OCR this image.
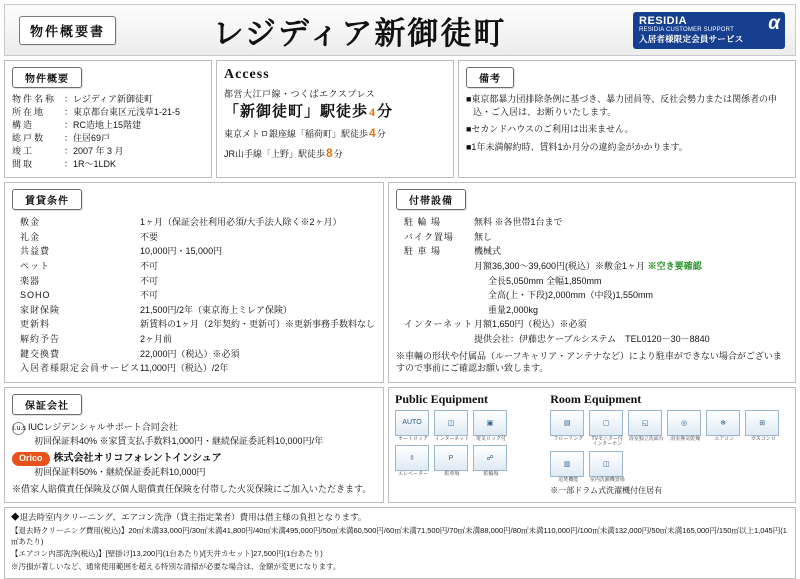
物件概要書	レジディア新御徒町	α
RESIDIA
RESIDIA CUSTOMER SUPPORT
入居者様限定会員サービス
物件概要
物件名称 ：レジディア新御徒町
所在地	：東京都台東区元浅草1-21-5
構造	：RC造地上15階建
総戸数	：住居69戸
竣工	：2007 年 3 月
間取	：1R～1LDK
Access
都営大江戸線・つくばエクスプレス
「新御徒町」駅徒歩4分
東京メトロ銀座線「稲荷町」駅徒歩4分
JR山手線「上野」駅徒歩8分
備考
■東京都暴力団排除条例に基づき、暴力団員等、反社会勢力または関係者の申込・ご入居は、お断りいたします。
■セカンドハウスのご利用は出来ません。
■1年未満解約時、賃料1か月分の違約金がかかります。
賃貸条件
敷金	1ヶ月（保証会社利用必須/大手法人除く※2ヶ月）
礼金	不要
共益費	10,000円・15,000円
ペット	不可
楽器	不可
SOHO	不可
家財保険	21,500円/2年（東京海上ミレア保険）
更新料	新賃料の1ヶ月（2年契約・更新可）※更新事務手数料なし
解約予告	2ヶ月前
鍵交換費	22,000円（税込）※必須
入居者様限定会員サービス	11,000円（税込）/2年
付帯設備
駐 輪 場	無料 ※各世帯1台まで
バイク置場	無し
駐 車 場	機械式
	月額36,300～39,600円(税込）※敷金1ヶ月 ※空き要確認
	全長5,050mm 全幅1,850mm
	全高(上・下段)2,000mm（中段)1,550mm
	重量2,000kg
インターネット	月額1,650円（税込）※必須
	提供会社：伊藤忠ケーブルシステム　TEL0120－30－8840
※車輛の形状や付属品（ルーフキャリア・アンテナなど）により駐車ができない場合がございますので事前にご確認お願い致します。
保証会社
i.u.s IUCレジデンシャルサポート合同会社
初回保証料40% ※家賃支払手数料1,000円・継続保証委託料10,000円/年
Orico 株式会社オリコフォレントインシュア
初回保証料50%・継続保証委託料10,000円
※借家人賠償責任保険及び個人賠償責任保険を付帯した火災保険にご加入いただきます。
Public Equipment
AUTO
オートロック
◫
インターネット
▣
電気ロック付
⇳
エレベーター
P
駐車場
☍
駐輪場
Room Equipment
▤
フローリング
▢
TVモニター付 インターホン
◱
浴室独立洗面台
◎
浴室換気乾燥
❄
エアコン
⊞
ガスコンロ
▥
追焚機能
◫
室内洗濯機置場
※一部ドラム式洗濯機付住居有

◆退去時室内クリーニング、エアコン洗浄（貸主指定業者）費用は借主様の負担となります。

【退去時クリーニング費用(税込)】20㎡未満33,000円/30㎡未満41,800円/40㎡未満495,000円/50㎡未満60,500円/60㎡未満71,500円/70㎡未満88,000円/80㎡未満110,000円/100㎡未満132,000円/50㎡未満165,000円/150㎡以上1,045円(1㎡あたり)

【エアコン内部洗浄(税込)】[壁掛け]13,200円(1台あたり)/[天井カセット]27,500円(1台あたり)

※汚損が著しいなど、通常使用範囲を超える特別な清掃が必要な場合は、金額が変更になります。
